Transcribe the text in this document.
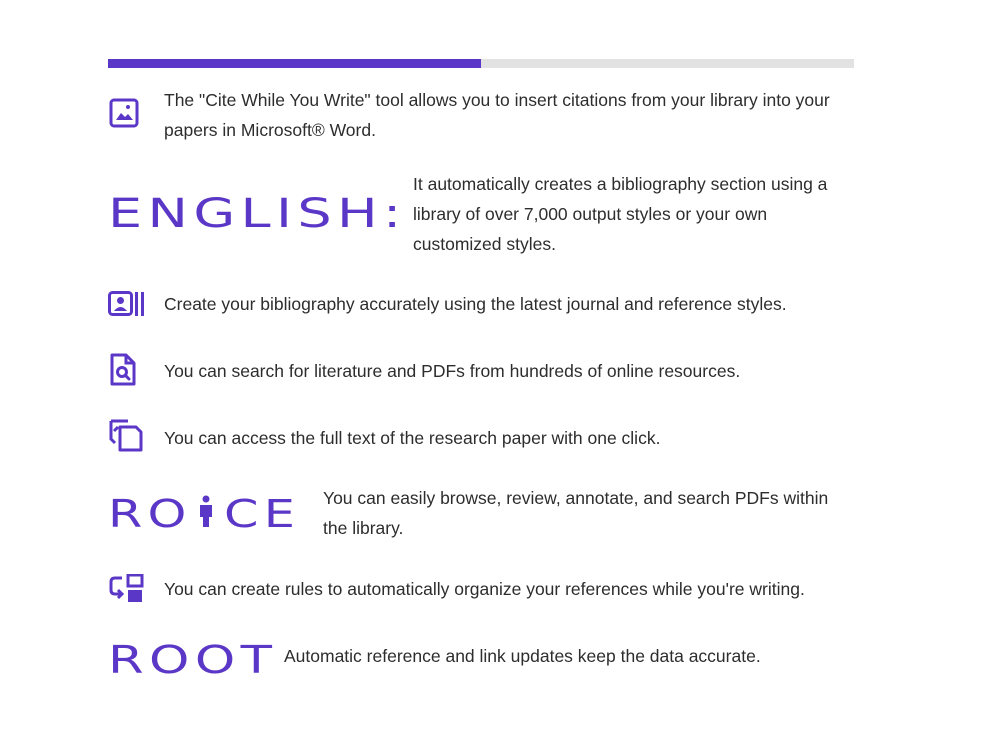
The "Cite While You Write" tool allows you to insert citations from your library into your papers in Microsoft® Word.
ENGLISH:
It automatically creates a bibliography section using a library of over 7,000 output styles or your own customized styles.
Create your bibliography accurately using the latest journal and reference styles.
You can search for literature and PDFs from hundreds of online resources.
You can access the full text of the research paper with one click.
RO CE You can easily browse, review, annotate, and search PDFs within the library.
You can create rules to automatically organize your references while you're writing.
ROOT Automatic reference and link updates keep the data accurate.
